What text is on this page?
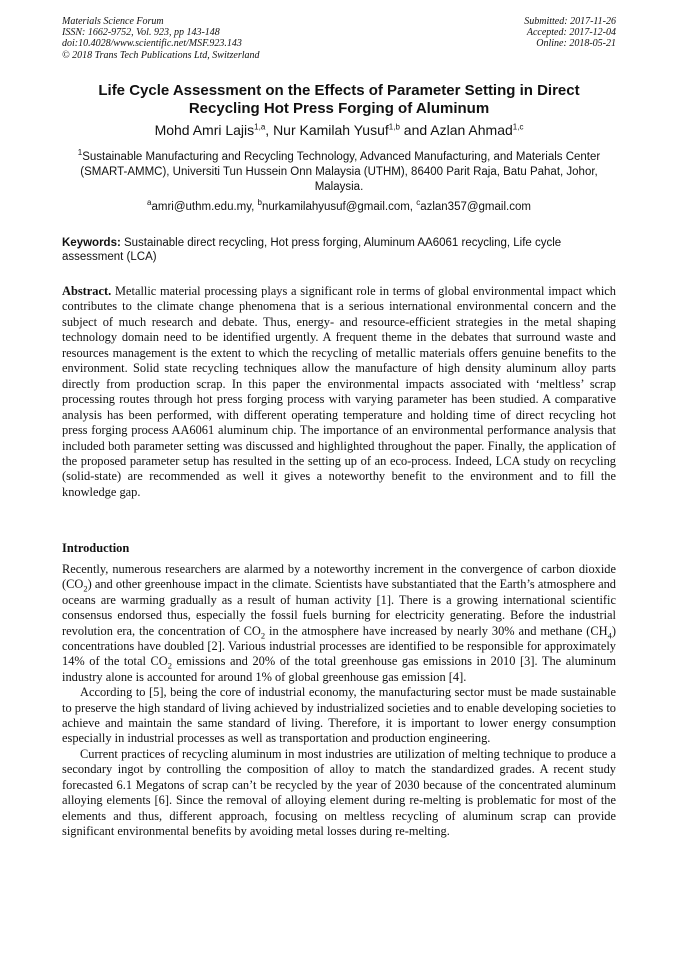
Materials Science Forum
ISSN: 1662-9752, Vol. 923, pp 143-148
doi:10.4028/www.scientific.net/MSF.923.143
© 2018 Trans Tech Publications Ltd, Switzerland
Submitted: 2017-11-26
Accepted: 2017-12-04
Online: 2018-05-21
Life Cycle Assessment on the Effects of Parameter Setting in Direct
Recycling Hot Press Forging of Aluminum
Mohd Amri Lajis$^{1,a}$, Nur Kamilah Yusuf$^{1,b}$ and Azlan Ahmad$^{1,c}$
$^1$Sustainable Manufacturing and Recycling Technology, Advanced Manufacturing, and Materials Center (SMART-AMMC), Universiti Tun Hussein Onn Malaysia (UTHM), 86400 Parit Raja, Batu Pahat, Johor, Malaysia.
$^a$amri@uthm.edu.my, $^b$nurkamilahyusuf@gmail.com, $^c$azlan357@gmail.com
Keywords: Sustainable direct recycling, Hot press forging, Aluminum AA6061 recycling, Life cycle assessment (LCA)

Abstract. Metallic material processing plays a significant role in terms of global environmental impact which contributes to the climate change phenomena that is a serious international environmental concern and the subject of much research and debate. Thus, energy- and resource-efficient strategies in the metal shaping technology domain need to be identified urgently. A frequent theme in the debates that surround waste and resources management is the extent to which the recycling of metallic materials offers genuine benefits to the environment. Solid state recycling techniques allow the manufacture of high density aluminum alloy parts directly from production scrap. In this paper the environmental impacts associated with ‘meltless’ scrap processing routes through hot press forging process with varying parameter has been studied. A comparative analysis has been performed, with different operating temperature and holding time of direct recycling hot press forging process AA6061 aluminum chip. The importance of an environmental performance analysis that included both parameter setting was discussed and highlighted throughout the paper. Finally, the application of the proposed parameter setup has resulted in the setting up of an eco-process. Indeed, LCA study on recycling (solid-state) are recommended as well it gives a noteworthy benefit to the environment and to fill the knowledge gap.

Introduction

Recently, numerous researchers are alarmed by a noteworthy increment in the convergence of carbon dioxide $(CO_2)$ and other greenhouse impact in the climate. Scientists have substantiated that the Earth’s atmosphere and oceans are warming gradually as a result of human activity [1]. There is a growing international scientific consensus endorsed thus, especially the fossil fuels burning for electricity generating. Before the industrial revolution era, the concentration of $CO_2$ in the atmosphere have increased by nearly 30% and methane $(CH_4)$ concentrations have doubled [2]. Various industrial processes are identified to be responsible for approximately 14% of the total $CO_2$ emissions and 20% of the total greenhouse gas emissions in 2010 [3]. The aluminum industry alone is accounted for around 1% of global greenhouse gas emission [4].

According to [5], being the core of industrial economy, the manufacturing sector must be made sustainable to preserve the high standard of living achieved by industrialized societies and to enable developing societies to achieve and maintain the same standard of living. Therefore, it is important to lower energy consumption especially in industrial processes as well as transportation and production engineering.

Current practices of recycling aluminum in most industries are utilization of melting technique to produce a secondary ingot by controlling the composition of alloy to match the standardized grades. A recent study forecasted 6.1 Megatons of scrap can’t be recycled by the year of 2030 because of the concentrated aluminum alloying elements [6]. Since the removal of alloying element during re-melting is problematic for most of the elements and thus, different approach, focusing on meltless recycling of aluminum scrap can provide significant environmental benefits by avoiding metal losses during re-melting.
